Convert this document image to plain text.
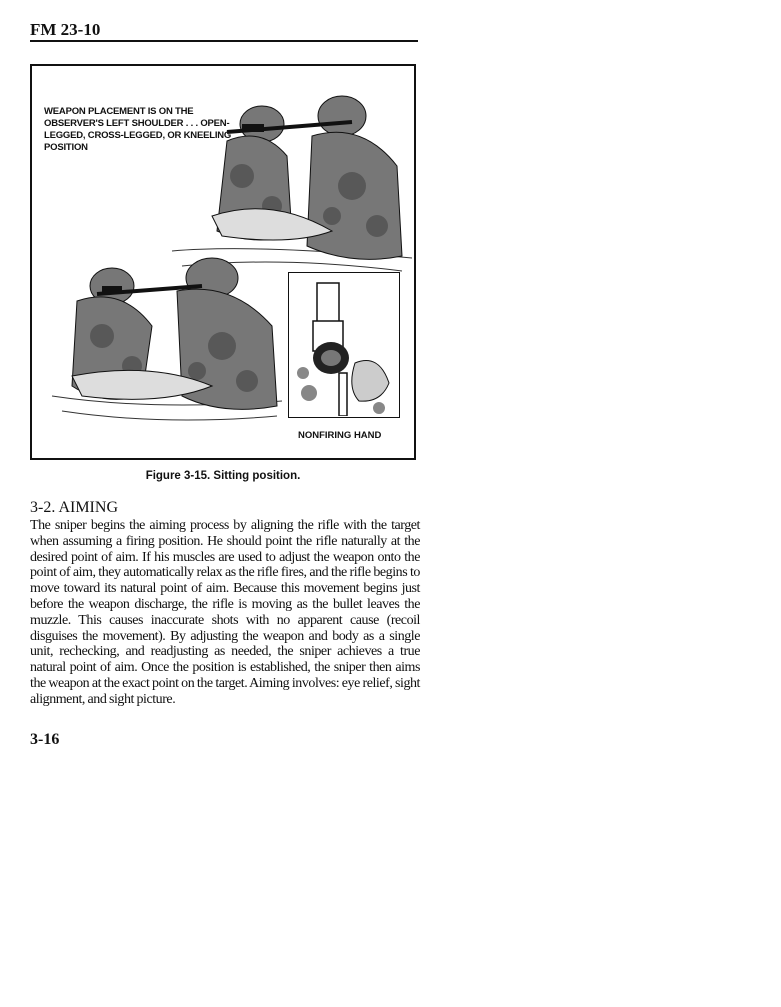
FM 23-10
WEAPON PLACEMENT IS ON THE OBSERVER'S LEFT SHOULDER . . . OPEN-LEGGED, CROSS-LEGGED, OR KNEELING POSITION
NONFIRING HAND
Figure 3-15. Sitting position.
3-2. AIMING
The sniper begins the aiming process by aligning the rifle with the target when assuming a firing position. He should point the rifle naturally at the desired point of aim. If his muscles are used to adjust the weapon onto the point of aim, they automatically relax as the rifle fires, and the rifle begins to move toward its natural point of aim. Because this movement begins just before the weapon discharge, the rifle is moving as the bullet leaves the muzzle. This causes inaccurate shots with no apparent cause (recoil disguises the movement). By adjusting the weapon and body as a single unit, rechecking, and readjusting as needed, the sniper achieves a true natural point of aim. Once the position is established, the sniper then aims the weapon at the exact point on the target. Aiming involves: eye relief, sight alignment, and sight picture.
3-16
